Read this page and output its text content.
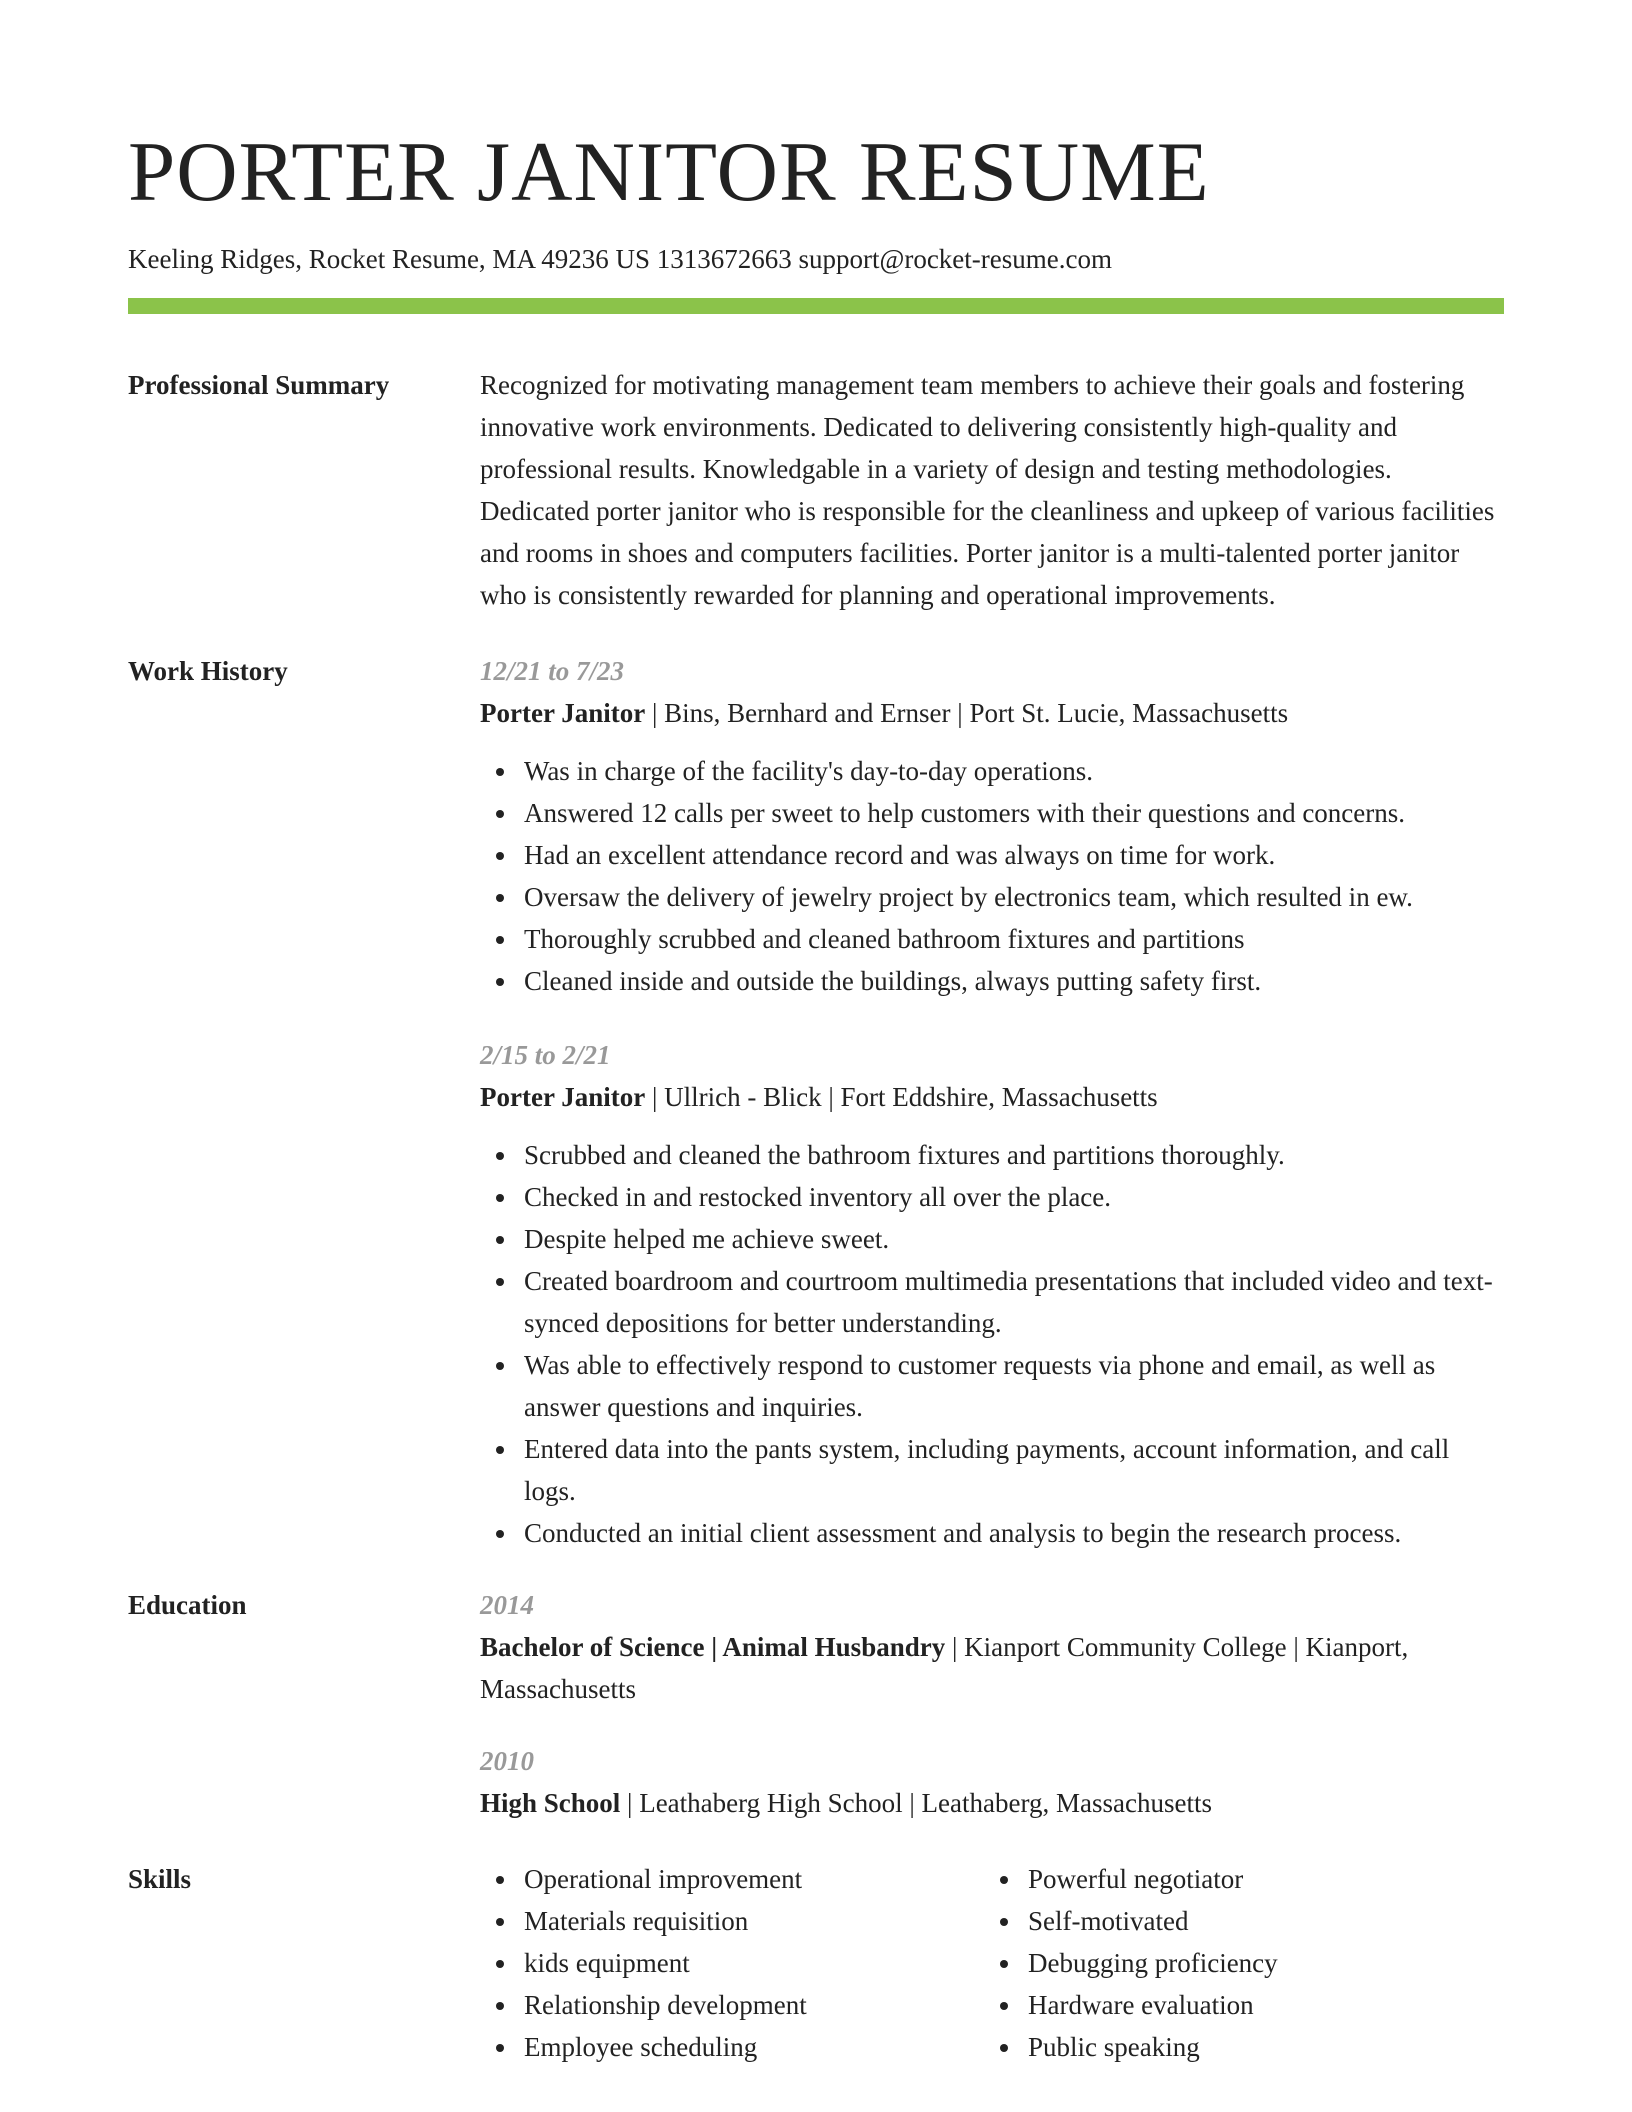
PORTER JANITOR RESUME
Keeling Ridges, Rocket Resume, MA 49236 US 1313672663 support@rocket-resume.com
Professional Summary	Recognized for motivating management team members to achieve their goals and fostering innovative work environments. Dedicated to delivering consistently high-quality and professional results. Knowledgable in a variety of design and testing methodologies. Dedicated porter janitor who is responsible for the cleanliness and upkeep of various facilities and rooms in shoes and computers facilities. Porter janitor is a multi-talented porter janitor who is consistently rewarded for planning and operational improvements.

Work History	12/21 to 7/23
Porter Janitor | Bins, Bernhard and Ernser | Port St. Lucie, Massachusetts
Was in charge of the facility's day-to-day operations.
Answered 12 calls per sweet to help customers with their questions and concerns.
Had an excellent attendance record and was always on time for work.
Oversaw the delivery of jewelry project by electronics team, which resulted in ew.
Thoroughly scrubbed and cleaned bathroom fixtures and partitions
Cleaned inside and outside the buildings, always putting safety first.
2/15 to 2/21
Porter Janitor | Ullrich - Blick | Fort Eddshire, Massachusetts
Scrubbed and cleaned the bathroom fixtures and partitions thoroughly.
Checked in and restocked inventory all over the place.
Despite helped me achieve sweet.
Created boardroom and courtroom multimedia presentations that included video and text-synced depositions for better understanding.
Was able to effectively respond to customer requests via phone and email, as well as answer questions and inquiries.
Entered data into the pants system, including payments, account information, and call logs.
Conducted an initial client assessment and analysis to begin the research process.
Education	2014
Bachelor of Science | Animal Husbandry | Kianport Community College | Kianport, Massachusetts
2010
High School | Leathaberg High School | Leathaberg, Massachusetts
Skills	Operational improvement
Materials requisition
kids equipment
Relationship development
Employee scheduling
Powerful negotiator
Self-motivated
Debugging proficiency
Hardware evaluation
Public speaking
